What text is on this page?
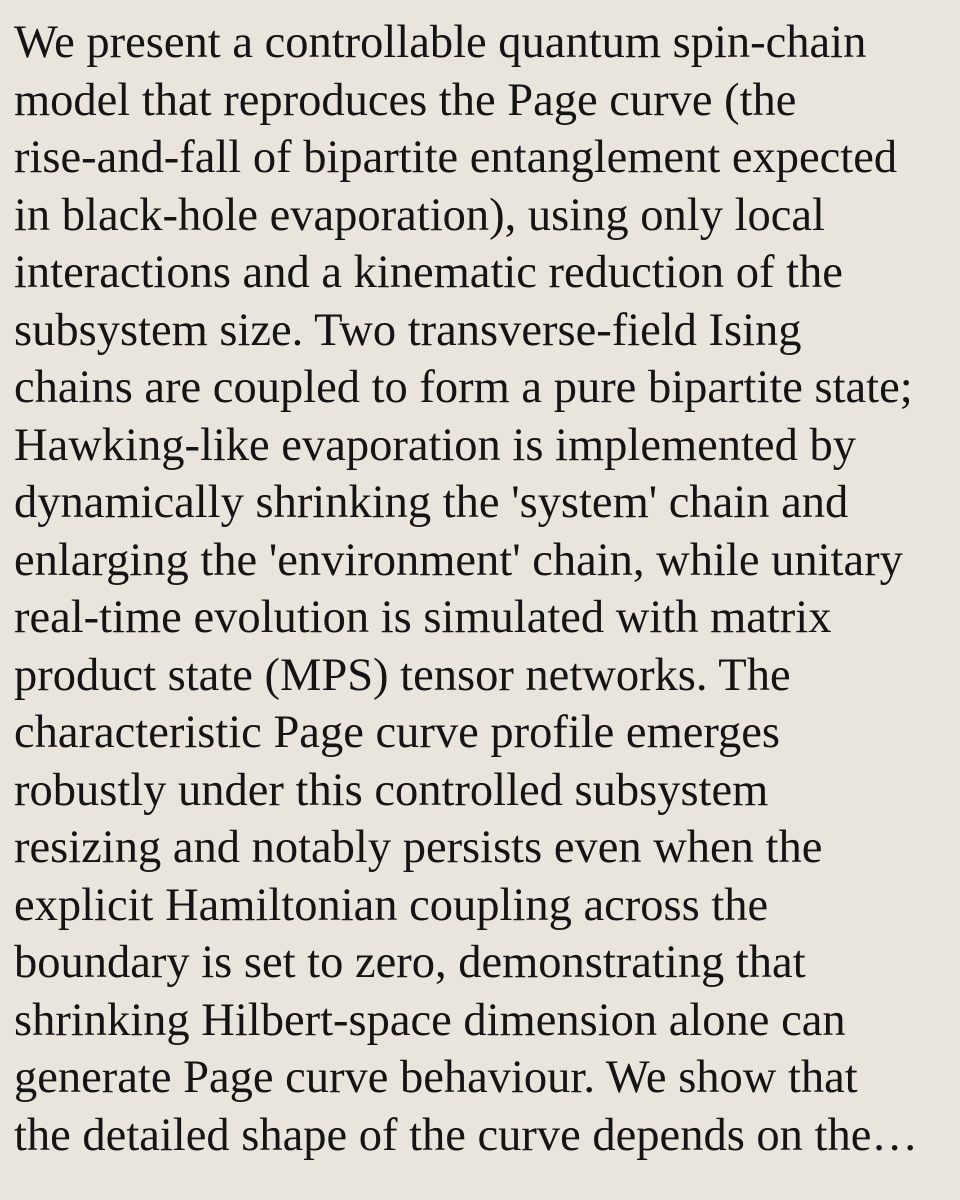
We present a controllable quantum spin-chain
model that reproduces the Page curve (the
rise-and-fall of bipartite entanglement expected
in black-hole evaporation), using only local
interactions and a kinematic reduction of the
subsystem size. Two transverse-field Ising
chains are coupled to form a pure bipartite state;
Hawking-like evaporation is implemented by
dynamically shrinking the 'system' chain and
enlarging the 'environment' chain, while unitary
real-time evolution is simulated with matrix
product state (MPS) tensor networks. The
characteristic Page curve profile emerges
robustly under this controlled subsystem
resizing and notably persists even when the
explicit Hamiltonian coupling across the
boundary is set to zero, demonstrating that
shrinking Hilbert-space dimension alone can
generate Page curve behaviour. We show that
the detailed shape of the curve depends on the…
